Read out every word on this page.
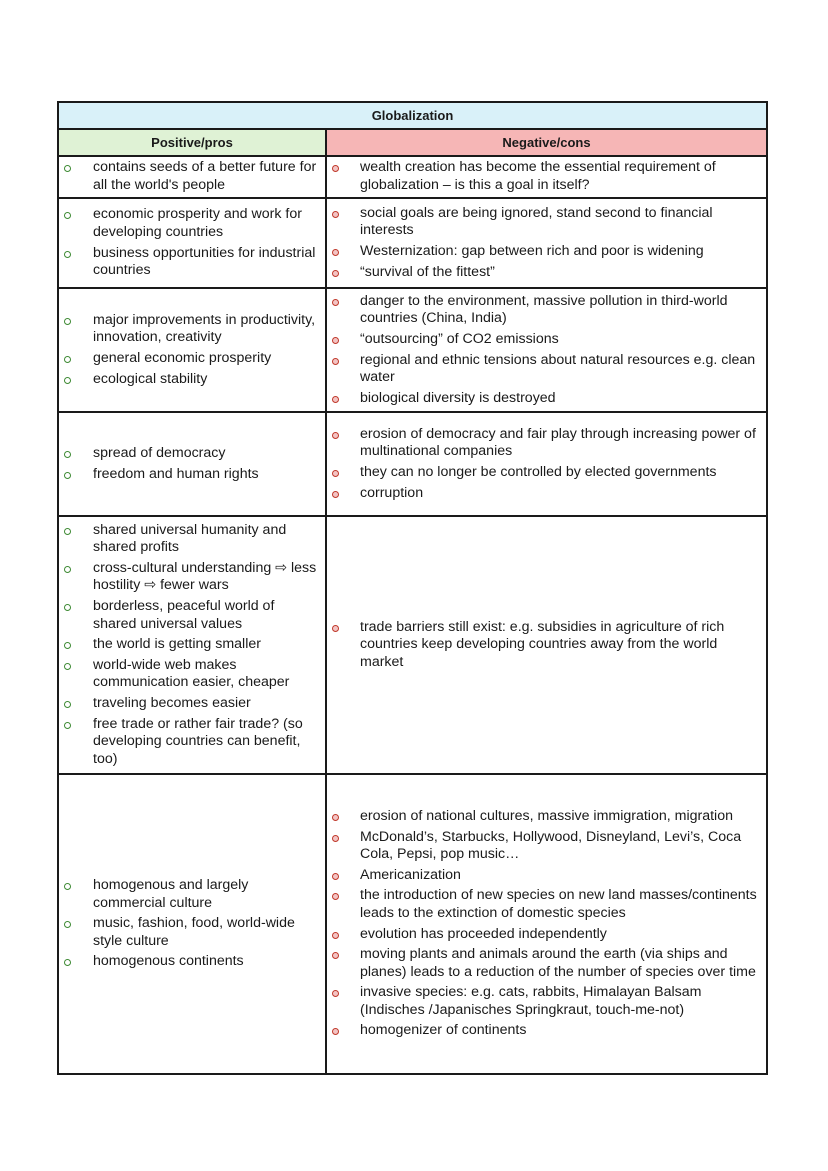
Globalization
Positive/pros	Negative/cons
contains seeds of a better future for all the world's people
wealth creation has become the essential requirement of globalization – is this a goal in itself?
economic prosperity and work for developing countries
business opportunities for industrial countries
social goals are being ignored, stand second to financial interests
Westernization: gap between rich and poor is widening
“survival of the fittest”
major improvements in productivity, innovation, creativity
general economic prosperity
ecological stability
danger to the environment, massive pollution in third-world countries (China, India)
“outsourcing” of CO2 emissions
regional and ethnic tensions about natural resources e.g. clean water
biological diversity is destroyed
spread of democracy
freedom and human rights
erosion of democracy and fair play through increasing power of multinational companies
they can no longer be controlled by elected governments
corruption
shared universal humanity and shared profits
cross-cultural understanding ⇨ less hostility ⇨ fewer wars
borderless, peaceful world of shared universal values
the world is getting smaller
world-wide web makes communication easier, cheaper
traveling becomes easier
free trade or rather fair trade? (so developing countries can benefit, too)
trade barriers still exist: e.g. subsidies in agriculture of rich countries keep developing countries away from the world market
homogenous and largely commercial culture
music, fashion, food, world-wide style culture
homogenous continents
erosion of national cultures, massive immigration, migration
McDonald’s, Starbucks, Hollywood, Disneyland, Levi’s, Coca Cola, Pepsi, pop music…
Americanization
the introduction of new species on new land masses/continents leads to the extinction of domestic species
evolution has proceeded independently
moving plants and animals around the earth (via ships and planes) leads to a reduction of the number of species over time
invasive species: e.g. cats, rabbits, Himalayan Balsam (Indisches /Japanisches Springkraut, touch-me-not)
homogenizer of continents
